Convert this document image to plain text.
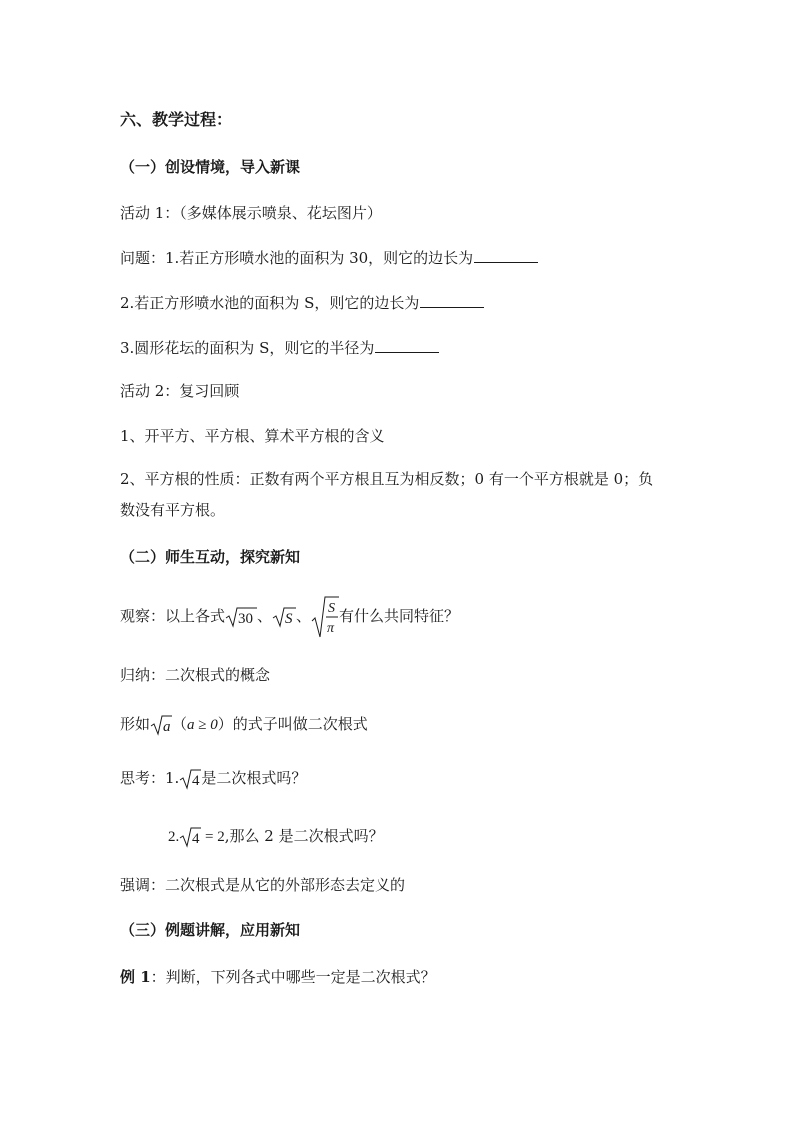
六、教学过程：
（一）创设情境，导入新课
活动 1：（多媒体展示喷泉、花坛图片）
问题：1.若正方形喷水池的面积为 30，则它的边长为
2.若正方形喷水池的面积为 S，则它的边长为
3.圆形花坛的面积为 S，则它的半径为
活动 2：复习回顾
1、开平方、平方根、算术平方根的含义
2、平方根的性质：正数有两个平方根且互为相反数；0 有一个平方根就是 0；负
数没有平方根。
（二）师生互动，探究新知
观察：以上各式 30 、 S 、 S
π
有什么共同特征？
归纳：二次根式的概念
形如 a （a ≥ 0）的式子叫做二次根式
思考：1. 4 是二次根式吗？
2. 4 = 2,那么 2 是二次根式吗？
强调：二次根式是从它的外部形态去定义的
（三）例题讲解，应用新知
例 1：判断，下列各式中哪些一定是二次根式？
